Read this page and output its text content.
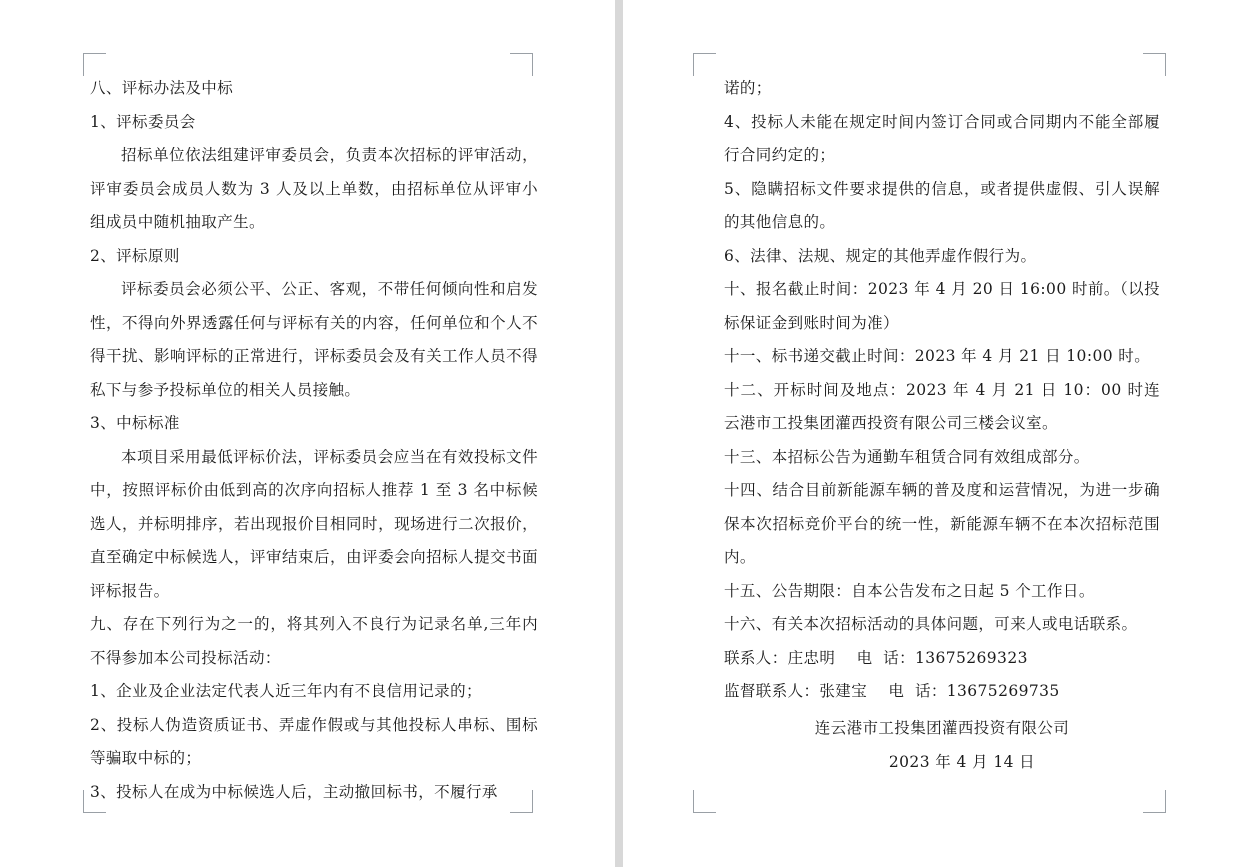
八、评标办法及中标

1、评标委员会

招标单位依法组建评审委员会，负责本次招标的评审活动，评审委员会成员人数为 3 人及以上单数，由招标单位从评审小组成员中随机抽取产生。

2、评标原则

评标委员会必须公平、公正、客观，不带任何倾向性和启发性，不得向外界透露任何与评标有关的内容，任何单位和个人不得干扰、影响评标的正常进行，评标委员会及有关工作人员不得私下与参予投标单位的相关人员接触。

3、中标标准

本项目采用最低评标价法，评标委员会应当在有效投标文件中，按照评标价由低到高的次序向招标人推荐 1 至 3 名中标候选人，并标明排序，若出现报价目相同时，现场进行二次报价，直至确定中标候选人，评审结束后，由评委会向招标人提交书面评标报告。

九、存在下列行为之一的，将其列入不良行为记录名单,三年内不得参加本公司投标活动：

1、企业及企业法定代表人近三年内有不良信用记录的；

2、投标人伪造资质证书、弄虚作假或与其他投标人串标、围标等骗取中标的；

3、投标人在成为中标候选人后，主动撤回标书，不履行承

诺的；

4、投标人未能在规定时间内签订合同或合同期内不能全部履行合同约定的；

5、隐瞒招标文件要求提供的信息，或者提供虚假、引人误解的其他信息的。

6、法律、法规、规定的其他弄虚作假行为。

十、报名截止时间：2023 年 4 月 20 日 16:00 时前。（以投标保证金到账时间为准）

十一、标书递交截止时间：2023 年 4 月 21 日 10:00 时。

十二、开标时间及地点：2023 年 4 月 21 日 10：00 时连云港市工投集团灌西投资有限公司三楼会议室。

十三、本招标公告为通勤车租赁合同有效组成部分。

十四、结合目前新能源车辆的普及度和运营情况，为进一步确保本次招标竞价平台的统一性，新能源车辆不在本次招标范围内。

十五、公告期限：自本公告发布之日起 5 个工作日。

十六、有关本次招标活动的具体问题，可来人或电话联系。

联系人：庄忠明    电  话：13675269323

监督联系人：张建宝    电  话：13675269735

连云港市工投集团灌西投资有限公司

2023 年 4 月 14 日
